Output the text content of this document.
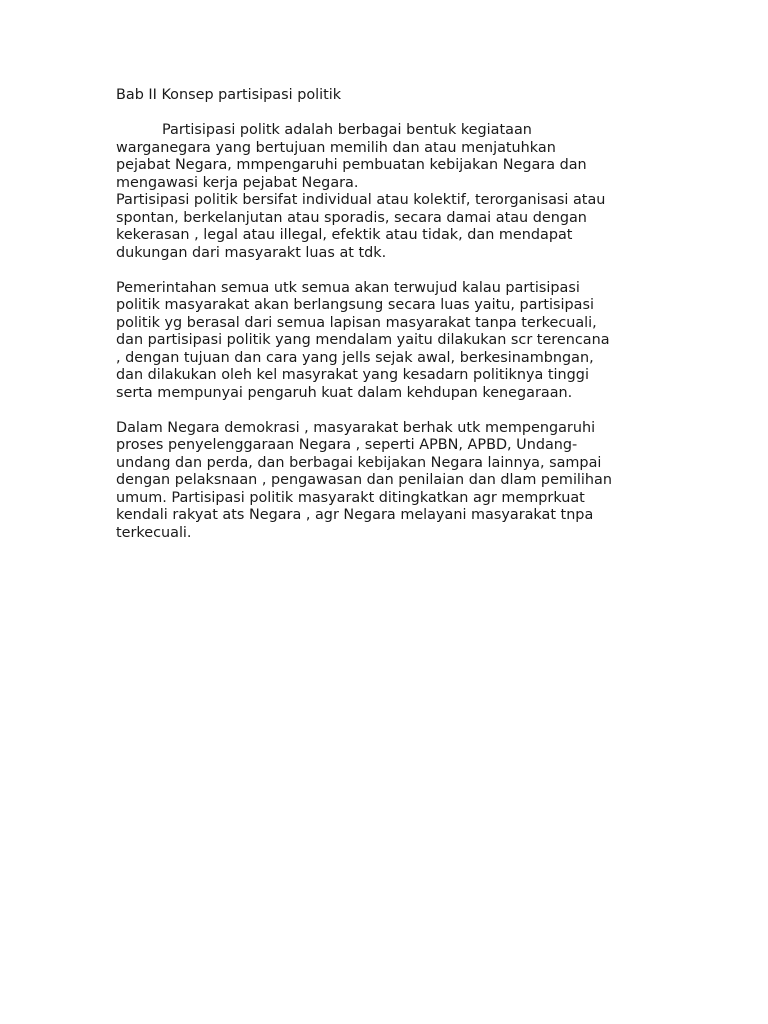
Bab II Konsep partisipasi politik
Partisipasi politk adalah berbagai bentuk kegiataan
warganegara yang bertujuan memilih dan atau menjatuhkan
pejabat Negara, mmpengaruhi pembuatan kebijakan Negara dan
mengawasi kerja pejabat Negara.
Partisipasi politik bersifat individual atau kolektif, terorganisasi atau
spontan, berkelanjutan atau sporadis, secara damai atau dengan
kekerasan , legal atau illegal, efektik atau tidak, dan mendapat
dukungan dari masyarakt luas at tdk.
Pemerintahan semua utk semua akan terwujud kalau partisipasi
politik masyarakat akan berlangsung secara luas yaitu, partisipasi
politik yg berasal dari semua lapisan masyarakat tanpa terkecuali,
dan partisipasi politik yang mendalam yaitu dilakukan scr terencana
, dengan tujuan dan cara yang jells sejak awal, berkesinambngan,
dan dilakukan oleh kel masyrakat yang kesadarn politiknya tinggi
serta mempunyai pengaruh kuat dalam kehdupan kenegaraan.
Dalam Negara demokrasi , masyarakat berhak utk mempengaruhi
proses penyelenggaraan Negara , seperti APBN, APBD, Undang-
undang dan perda, dan berbagai kebijakan Negara lainnya, sampai
dengan pelaksnaan , pengawasan dan penilaian dan dlam pemilihan
umum. Partisipasi politik masyarakt ditingkatkan agr memprkuat
kendali rakyat ats Negara , agr Negara melayani masyarakat tnpa
terkecuali.
